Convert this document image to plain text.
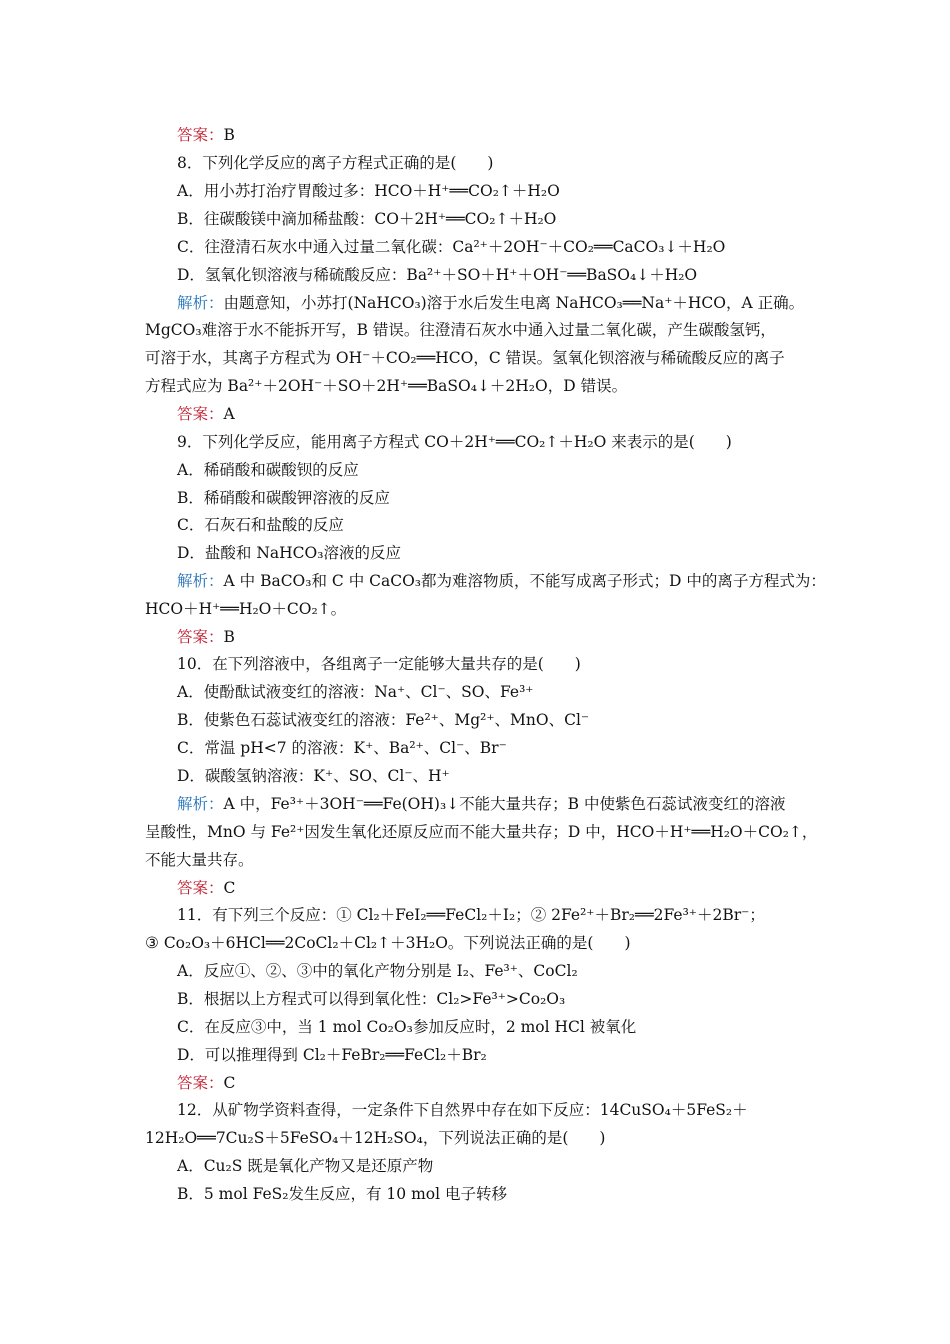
答案：B
8．下列化学反应的离子方程式正确的是(　　)
A．用小苏打治疗胃酸过多：HCO＋H⁺══CO₂↑＋H₂O
B．往碳酸镁中滴加稀盐酸：CO＋2H⁺══CO₂↑＋H₂O
C．往澄清石灰水中通入过量二氧化碳：Ca²⁺＋2OH⁻＋CO₂══CaCO₃↓＋H₂O
D．氢氧化钡溶液与稀硫酸反应：Ba²⁺＋SO＋H⁺＋OH⁻══BaSO₄↓＋H₂O
解析：由题意知，小苏打(NaHCO₃)溶于水后发生电离 NaHCO₃══Na⁺＋HCO，A 正确。
MgCO₃难溶于水不能拆开写，B 错误。往澄清石灰水中通入过量二氧化碳，产生碳酸氢钙，
可溶于水，其离子方程式为 OH⁻＋CO₂══HCO，C 错误。氢氧化钡溶液与稀硫酸反应的离子
方程式应为 Ba²⁺＋2OH⁻＋SO＋2H⁺══BaSO₄↓＋2H₂O，D 错误。
答案：A
9．下列化学反应，能用离子方程式 CO＋2H⁺══CO₂↑＋H₂O 来表示的是(　　)
A．稀硝酸和碳酸钡的反应
B．稀硝酸和碳酸钾溶液的反应
C．石灰石和盐酸的反应
D．盐酸和 NaHCO₃溶液的反应
解析：A 中 BaCO₃和 C 中 CaCO₃都为难溶物质，不能写成离子形式；D 中的离子方程式为：
HCO＋H⁺══H₂O＋CO₂↑。
答案：B
10．在下列溶液中，各组离子一定能够大量共存的是(　　)
A．使酚酞试液变红的溶液：Na⁺、Cl⁻、SO、Fe³⁺
B．使紫色石蕊试液变红的溶液：Fe²⁺、Mg²⁺、MnO、Cl⁻
C．常温 pH<7 的溶液：K⁺、Ba²⁺、Cl⁻、Br⁻
D．碳酸氢钠溶液：K⁺、SO、Cl⁻、H⁺
解析：A 中，Fe³⁺＋3OH⁻══Fe(OH)₃↓不能大量共存；B 中使紫色石蕊试液变红的溶液
呈酸性，MnO 与 Fe²⁺因发生氧化还原反应而不能大量共存；D 中，HCO＋H⁺══H₂O＋CO₂↑，
不能大量共存。
答案：C
11．有下列三个反应：① Cl₂＋FeI₂══FeCl₂＋I₂；② 2Fe²⁺＋Br₂══2Fe³⁺＋2Br⁻；
③ Co₂O₃＋6HCl══2CoCl₂＋Cl₂↑＋3H₂O。下列说法正确的是(　　)
A．反应①、②、③中的氧化产物分别是 I₂、Fe³⁺、CoCl₂
B．根据以上方程式可以得到氧化性：Cl₂>Fe³⁺>Co₂O₃
C．在反应③中，当 1 mol Co₂O₃参加反应时，2 mol HCl 被氧化
D．可以推理得到 Cl₂＋FeBr₂══FeCl₂＋Br₂
答案：C
12．从矿物学资料查得，一定条件下自然界中存在如下反应：14CuSO₄＋5FeS₂＋
12H₂O══7Cu₂S＋5FeSO₄＋12H₂SO₄，下列说法正确的是(　　)
A．Cu₂S 既是氧化产物又是还原产物
B．5 mol FeS₂发生反应，有 10 mol 电子转移
